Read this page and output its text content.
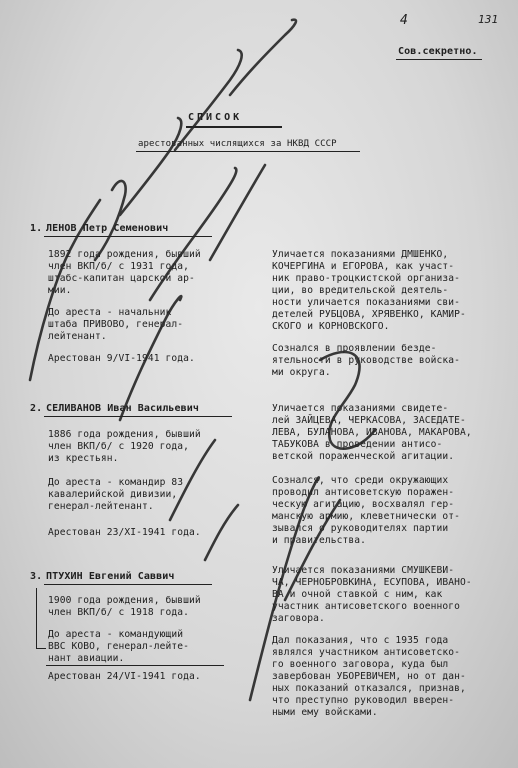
4	131
Сов.секретно.
СПИСОК
арестованных числящихся за НКВД СССР
1. ЛЕНОВ Петр Семенович
1892 года рождения, бывший
член ВКП/б/ с 1931 года,
штабс-капитан царской ар-
мии.
До ареста - начальник
штаба ПРИВОВО, генерал-
лейтенант.
Арестован 9/VI-1941 года.
Уличается показаниями ДМШЕНКО,
КОЧЕРГИНА и ЕГОРОВА, как участ-
ник право-троцкистской организа-
ции, во вредительской деятель-
ности уличается показаниями сви-
детелей РУБЦОВА, ХРЯВЕНКО, КАМИР-
СКОГО и КОРНОВСКОГО.
Сознался в проявлении безде-
ятельности в руководстве войска-
ми округа.
2. СЕЛИВАНОВ Иван Васильевич
1886 года рождения, бывший
член ВКП/б/ с 1920 года,
из крестьян.
До ареста - командир 83
кавалерийской дивизии,
генерал-лейтенант.
Арестован 23/XI-1941 года.
Уличается показаниями свидете-
лей ЗАЙЦЕВА, ЧЕРКАСОВА, ЗАСЕДАТЕ-
ЛЕВА, БУЛАНОВА, ИВАНОВА, МАКАРОВА,
ТАБУКОВА в проведении антисо-
ветской пораженческой агитации.
Сознался, что среди окружающих
проводил антисоветскую поражен-
ческую агитацию, восхвалял гер-
манскую армию, клеветнически от-
зывался о руководителях партии
и правительства.
3. ПТУХИН Евгений Саввич
1900 года рождения, бывший
член ВКП/б/ с 1918 года.
До ареста - командующий
ВВС КОВО, генерал-лейте-
нант авиации.
Арестован 24/VI-1941 года.
Уличается показаниями СМУШКЕВИ-
ЧА, ЧЕРНОБРОВКИНА, ЕСУПОВА, ИВАНО-
ВА и очной ставкой с ним, как
участник антисоветского военного
заговора.
Дал показания, что с 1935 года
являлся участником антисоветско-
го военного заговора, куда был
завербован УБОРЕВИЧЕМ, но от дан-
ных показаний отказался, признав,
что преступно руководил вверен-
ными ему войсками.
